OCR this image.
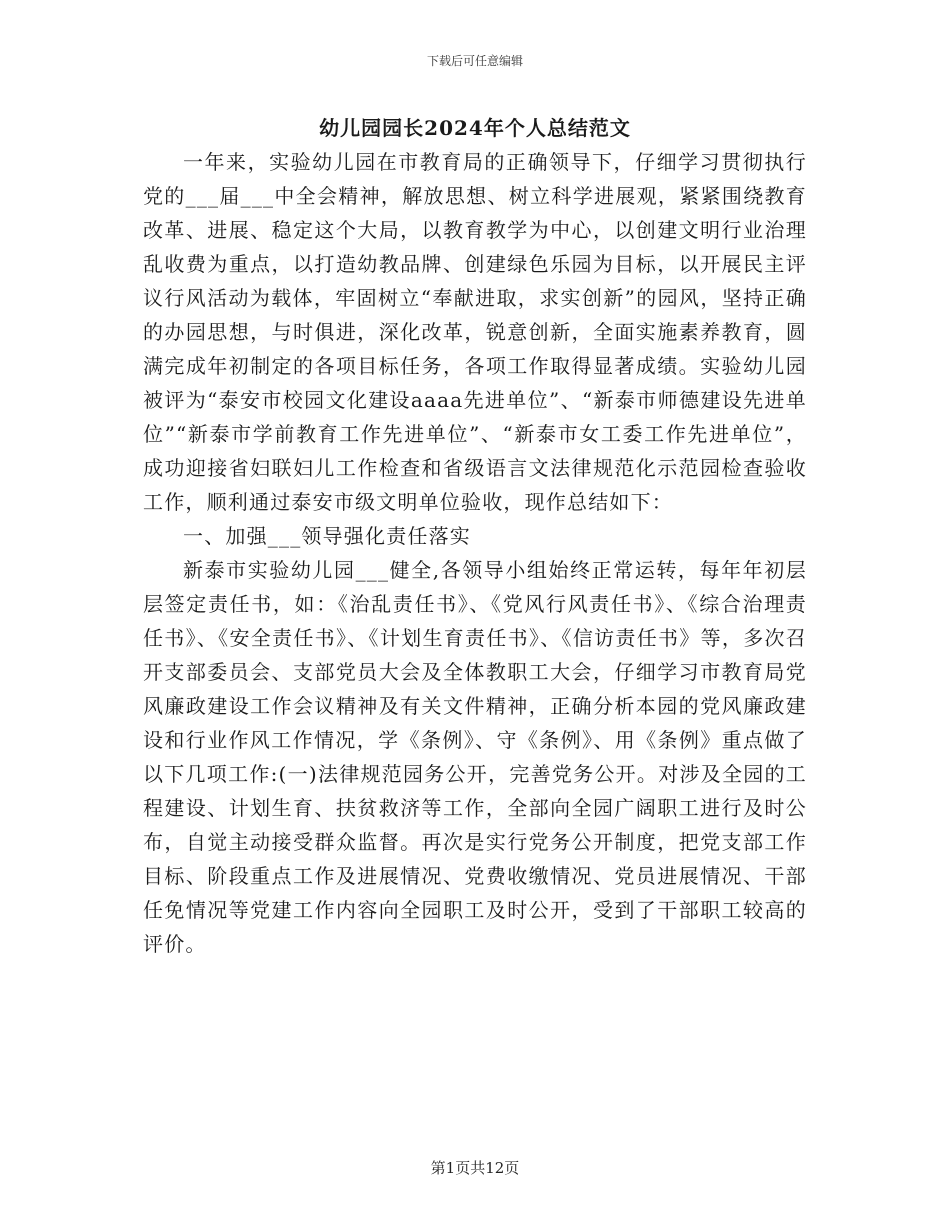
下载后可任意编辑
幼儿园园长2024年个人总结范文

一年来，实验幼儿园在市教育局的正确领导下，仔细学习贯彻执行党的___届___中全会精神，解放思想、树立科学进展观，紧紧围绕教育改革、进展、稳定这个大局，以教育教学为中心，以创建文明行业治理乱收费为重点，以打造幼教品牌、创建绿色乐园为目标，以开展民主评议行风活动为载体，牢固树立“奉献进取，求实创新”的园风，坚持正确的办园思想，与时俱进，深化改革，锐意创新，全面实施素养教育，圆满完成年初制定的各项目标任务，各项工作取得显著成绩。实验幼儿园被评为“泰安市校园文化建设aaaa先进单位”、“新泰市师德建设先进单位”“新泰市学前教育工作先进单位”、“新泰市女工委工作先进单位”，成功迎接省妇联妇儿工作检查和省级语言文法律规范化示范园检查验收工作，顺利通过泰安市级文明单位验收，现作总结如下：

一、加强___领导强化责任落实

新泰市实验幼儿园___健全,各领导小组始终正常运转，每年年初层层签定责任书，如：《治乱责任书》、《党风行风责任书》、《综合治理责任书》、《安全责任书》、《计划生育责任书》、《信访责任书》等，多次召开支部委员会、支部党员大会及全体教职工大会，仔细学习市教育局党风廉政建设工作会议精神及有关文件精神，正确分析本园的党风廉政建设和行业作风工作情况，学《条例》、守《条例》、用《条例》重点做了以下几项工作:(一)法律规范园务公开，完善党务公开。对涉及全园的工程建设、计划生育、扶贫救济等工作，全部向全园广阔职工进行及时公布，自觉主动接受群众监督。再次是实行党务公开制度，把党支部工作目标、阶段重点工作及进展情况、党费收缴情况、党员进展情况、干部任免情况等党建工作内容向全园职工及时公开，受到了干部职工较高的评价。

第1页共12页
